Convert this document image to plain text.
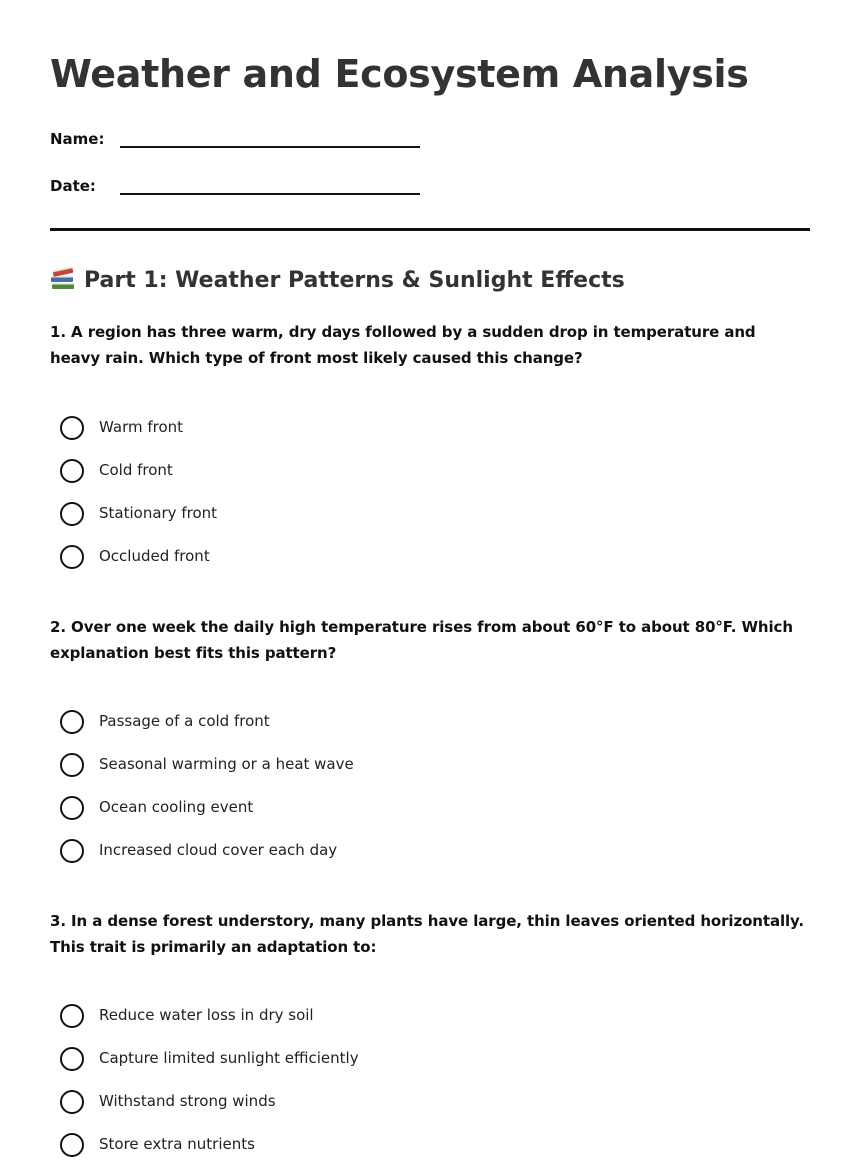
Weather and Ecosystem Analysis
Name:
Date:
Part 1: Weather Patterns & Sunlight Effects

1. A region has three warm, dry days followed by a sudden drop in temperature and heavy rain. Which type of front most likely caused this change?

Warm front
Cold front
Stationary front
Occluded front

2. Over one week the daily high temperature rises from about 60°F to about 80°F. Which explanation best fits this pattern?

Passage of a cold front
Seasonal warming or a heat wave
Ocean cooling event
Increased cloud cover each day

3. In a dense forest understory, many plants have large, thin leaves oriented horizontally. This trait is primarily an adaptation to:

Reduce water loss in dry soil
Capture limited sunlight efficiently
Withstand strong winds
Store extra nutrients
